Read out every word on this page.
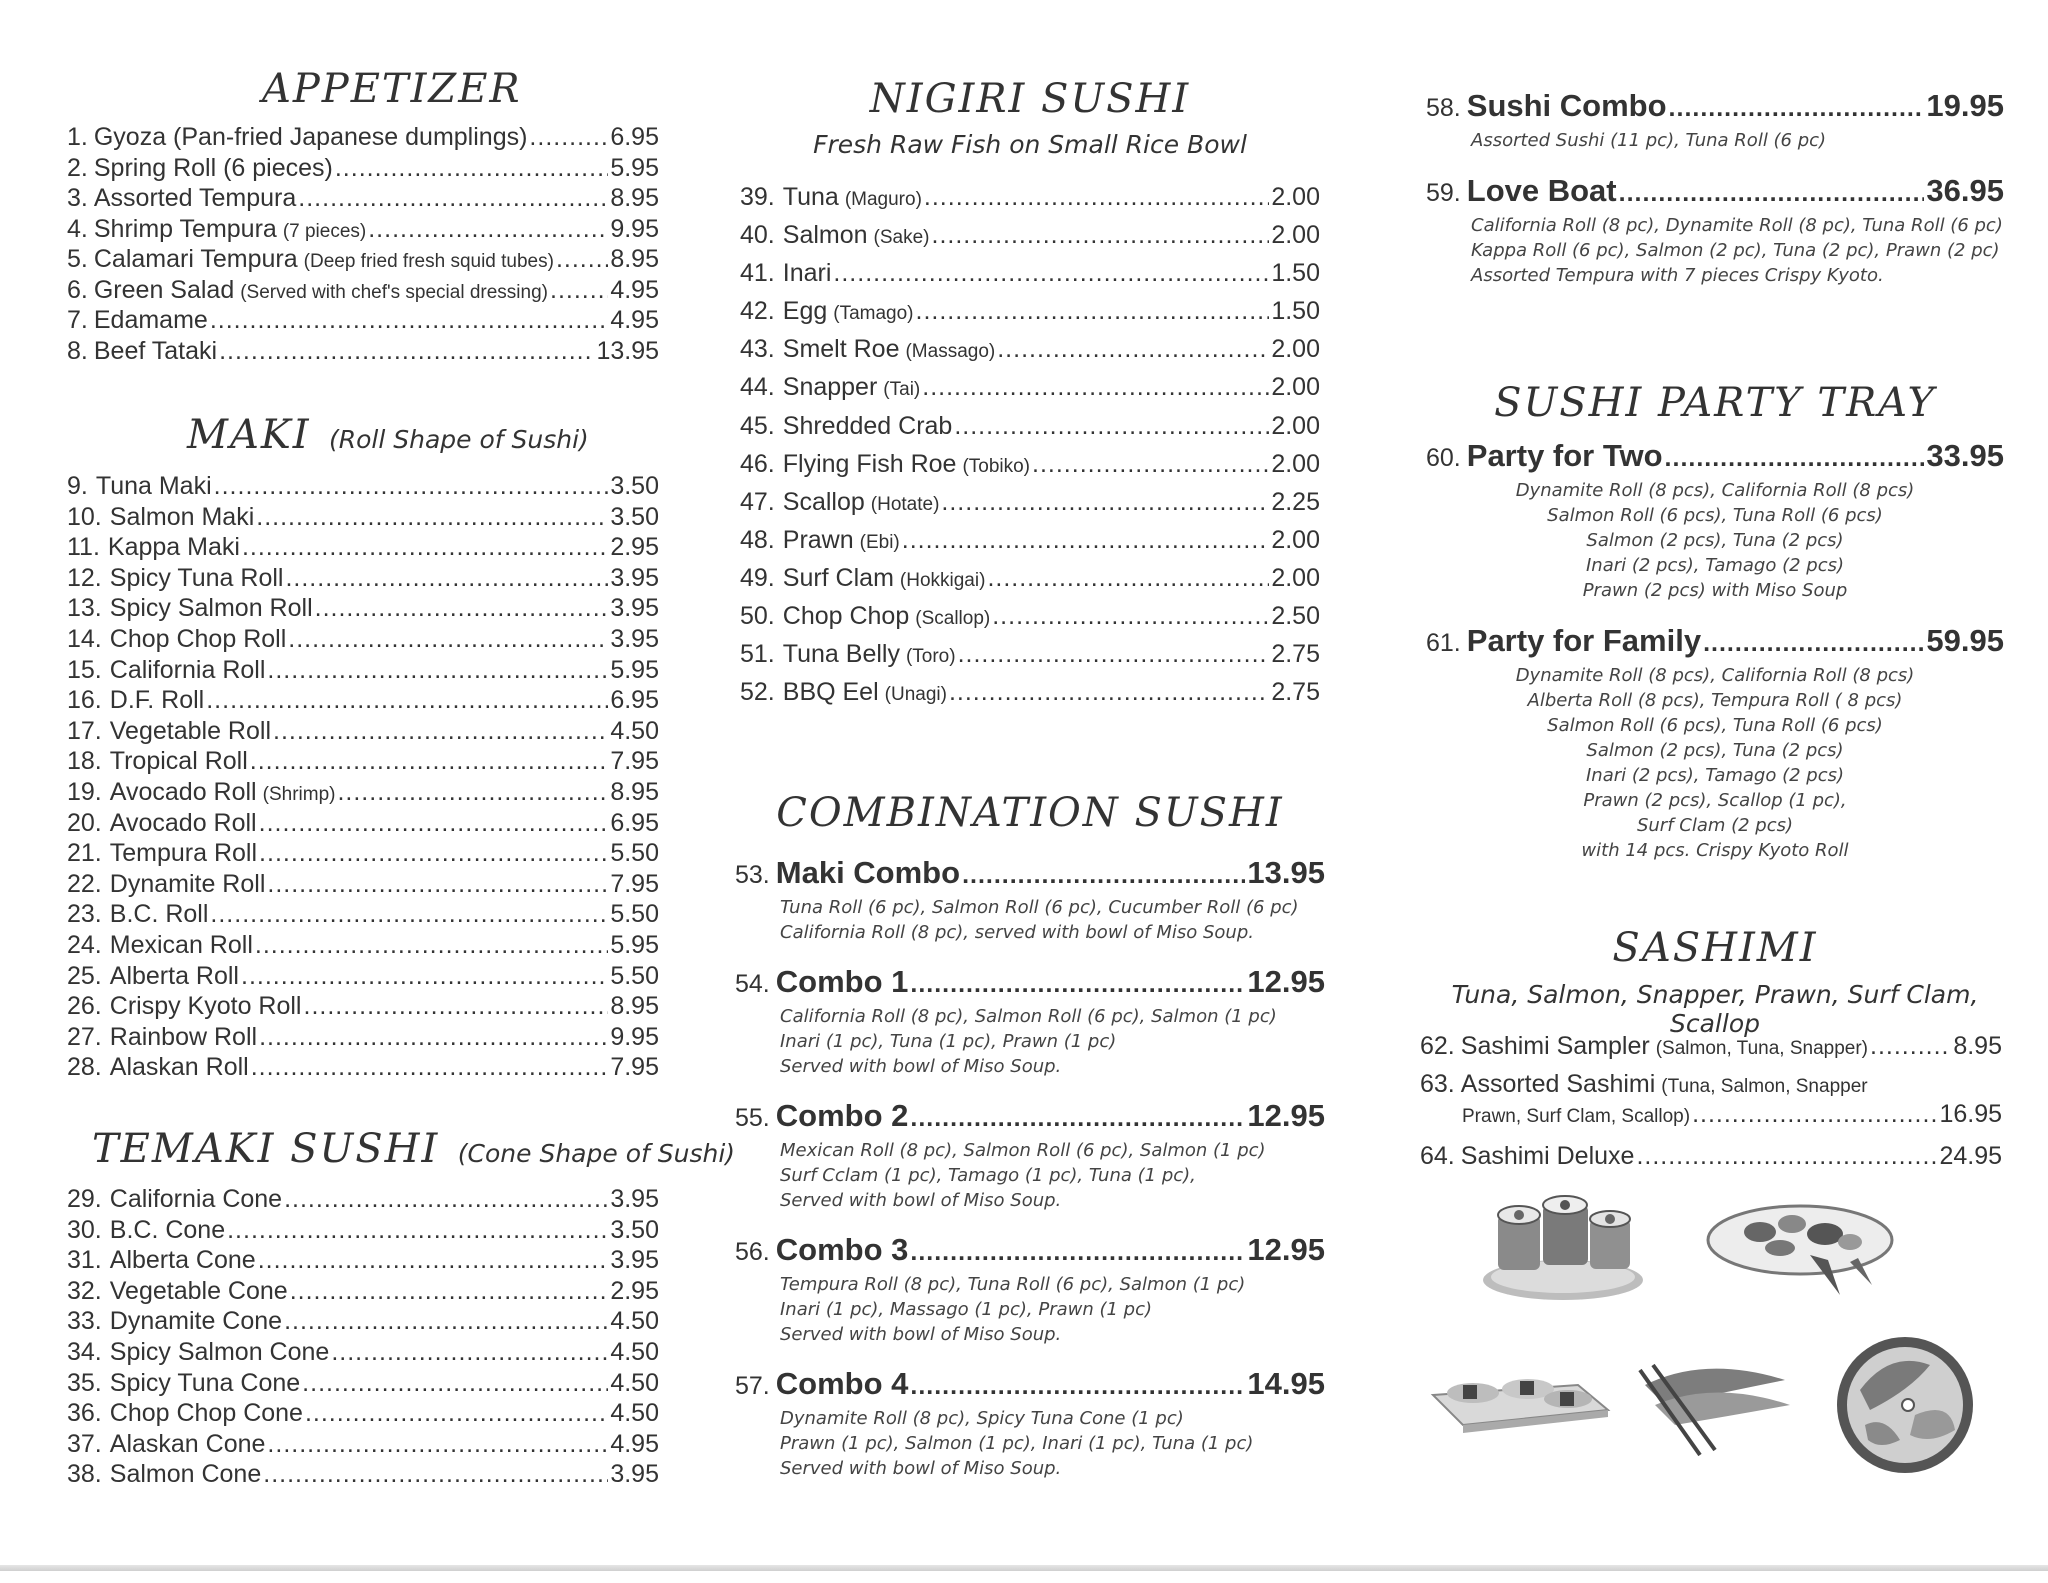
APPETIZER
1. Gyoza (Pan-fried Japanese dumplings) .....	6.95
2. Spring Roll (6 pieces) .....	5.95
3. Assorted Tempura .....	8.95
4. Shrimp Tempura (7 pieces) .....	9.95
5. Calamari Tempura (Deep fried fresh squid tubes) ..... 8.95
6. Green Salad (Served with chef's special dressing) ..... 4.95
7. Edamame .....	4.95
8. Beef Tataki .....	13.95
MAKI (Roll Shape of Sushi)
9. Tuna Maki .....	3.50
10. Salmon Maki .....	3.50
11. Kappa Maki .....	2.95
12. Spicy Tuna Roll .....	3.95
13. Spicy Salmon Roll .....	3.95
14. Chop Chop Roll .....	3.95
15. California Roll .....	5.95
16. D.F. Roll .....	6.95
17. Vegetable Roll .....	4.50
18. Tropical Roll .....	7.95
19. Avocado Roll (Shrimp) .....	8.95
20. Avocado Roll .....	6.95
21. Tempura Roll .....	5.50
22. Dynamite Roll .....	7.95
23. B.C. Roll .....	5.50
24. Mexican Roll .....	5.95
25. Alberta Roll .....	5.50
26. Crispy Kyoto Roll .....	8.95
27. Rainbow Roll .....	9.95
28. Alaskan Roll .....	7.95
TEMAKI SUSHI (Cone Shape of Sushi)
29. California Cone .....	3.95
30. B.C. Cone .....	3.50
31. Alberta Cone .....	3.95
32. Vegetable Cone .....	2.95
33. Dynamite Cone .....	4.50
34. Spicy Salmon Cone .....	4.50
35. Spicy Tuna Cone .....	4.50
36. Chop Chop Cone .....	4.50
37. Alaskan Cone .....	4.95
38. Salmon Cone .....	3.95
NIGIRI SUSHI
Fresh Raw Fish on Small Rice Bowl
39. Tuna (Maguro) .....	2.00
40. Salmon (Sake) .....	2.00
41. Inari .....	1.50
42. Egg (Tamago) .....	1.50
43. Smelt Roe (Massago) .....	2.00
44. Snapper (Tai) .....	2.00
45. Shredded Crab .....	2.00
46. Flying Fish Roe (Tobiko) .....	2.00
47. Scallop (Hotate) .....	2.25
48. Prawn (Ebi) .....	2.00
49. Surf Clam (Hokkigai) .....	2.00
50. Chop Chop (Scallop) .....	2.50
51. Tuna Belly (Toro) .....	2.75
52. BBQ Eel (Unagi) .....	2.75
COMBINATION SUSHI
53. Maki Combo .....	13.95
Tuna Roll (6 pc), Salmon Roll (6 pc), Cucumber Roll (6 pc)
California Roll (8 pc), served with bowl of Miso Soup.
54. Combo 1 .....	12.95
California Roll (8 pc), Salmon Roll (6 pc), Salmon (1 pc)
Inari (1 pc), Tuna (1 pc), Prawn (1 pc)
Served with bowl of Miso Soup.
55. Combo 2 .....	12.95
Mexican Roll (8 pc), Salmon Roll (6 pc), Salmon (1 pc)
Surf Cclam (1 pc), Tamago (1 pc), Tuna (1 pc),
Served with bowl of Miso Soup.
56. Combo 3 .....	12.95
Tempura Roll (8 pc), Tuna Roll (6 pc), Salmon (1 pc)
Inari (1 pc), Massago (1 pc), Prawn (1 pc)
Served with bowl of Miso Soup.
57. Combo 4 .....	14.95
Dynamite Roll (8 pc), Spicy Tuna Cone (1 pc)
Prawn (1 pc), Salmon (1 pc), Inari (1 pc), Tuna (1 pc)
Served with bowl of Miso Soup.
58. Sushi Combo .....	19.95
Assorted Sushi (11 pc), Tuna Roll (6 pc)
59. Love Boat .....	36.95
California Roll (8 pc), Dynamite Roll (8 pc), Tuna Roll (6 pc)
Kappa Roll (6 pc), Salmon (2 pc), Tuna (2 pc), Prawn (2 pc)
Assorted Tempura with 7 pieces Crispy Kyoto.
SUSHI PARTY TRAY
60. Party for Two .....	33.95
Dynamite Roll (8 pcs), California Roll (8 pcs)
Salmon Roll (6 pcs), Tuna Roll (6 pcs)
Salmon (2 pcs), Tuna (2 pcs)
Inari (2 pcs), Tamago (2 pcs)
Prawn (2 pcs) with Miso Soup
61. Party for Family .....	59.95
Dynamite Roll (8 pcs), California Roll (8 pcs)
Alberta Roll (8 pcs), Tempura Roll ( 8 pcs)
Salmon Roll (6 pcs), Tuna Roll (6 pcs)
Salmon (2 pcs), Tuna (2 pcs)
Inari (2 pcs), Tamago (2 pcs)
Prawn (2 pcs), Scallop (1 pc),
Surf Clam (2 pcs)
with 14 pcs. Crispy Kyoto Roll
SASHIMI
Tuna, Salmon, Snapper, Prawn, Surf Clam, Scallop
62. Sashimi Sampler (Salmon, Tuna, Snapper) .....	8.95
63. Assorted Sashimi (Tuna, Salmon, Snapper
Prawn, Surf Clam, Scallop) .....	16.95
64. Sashimi Deluxe .....	24.95
